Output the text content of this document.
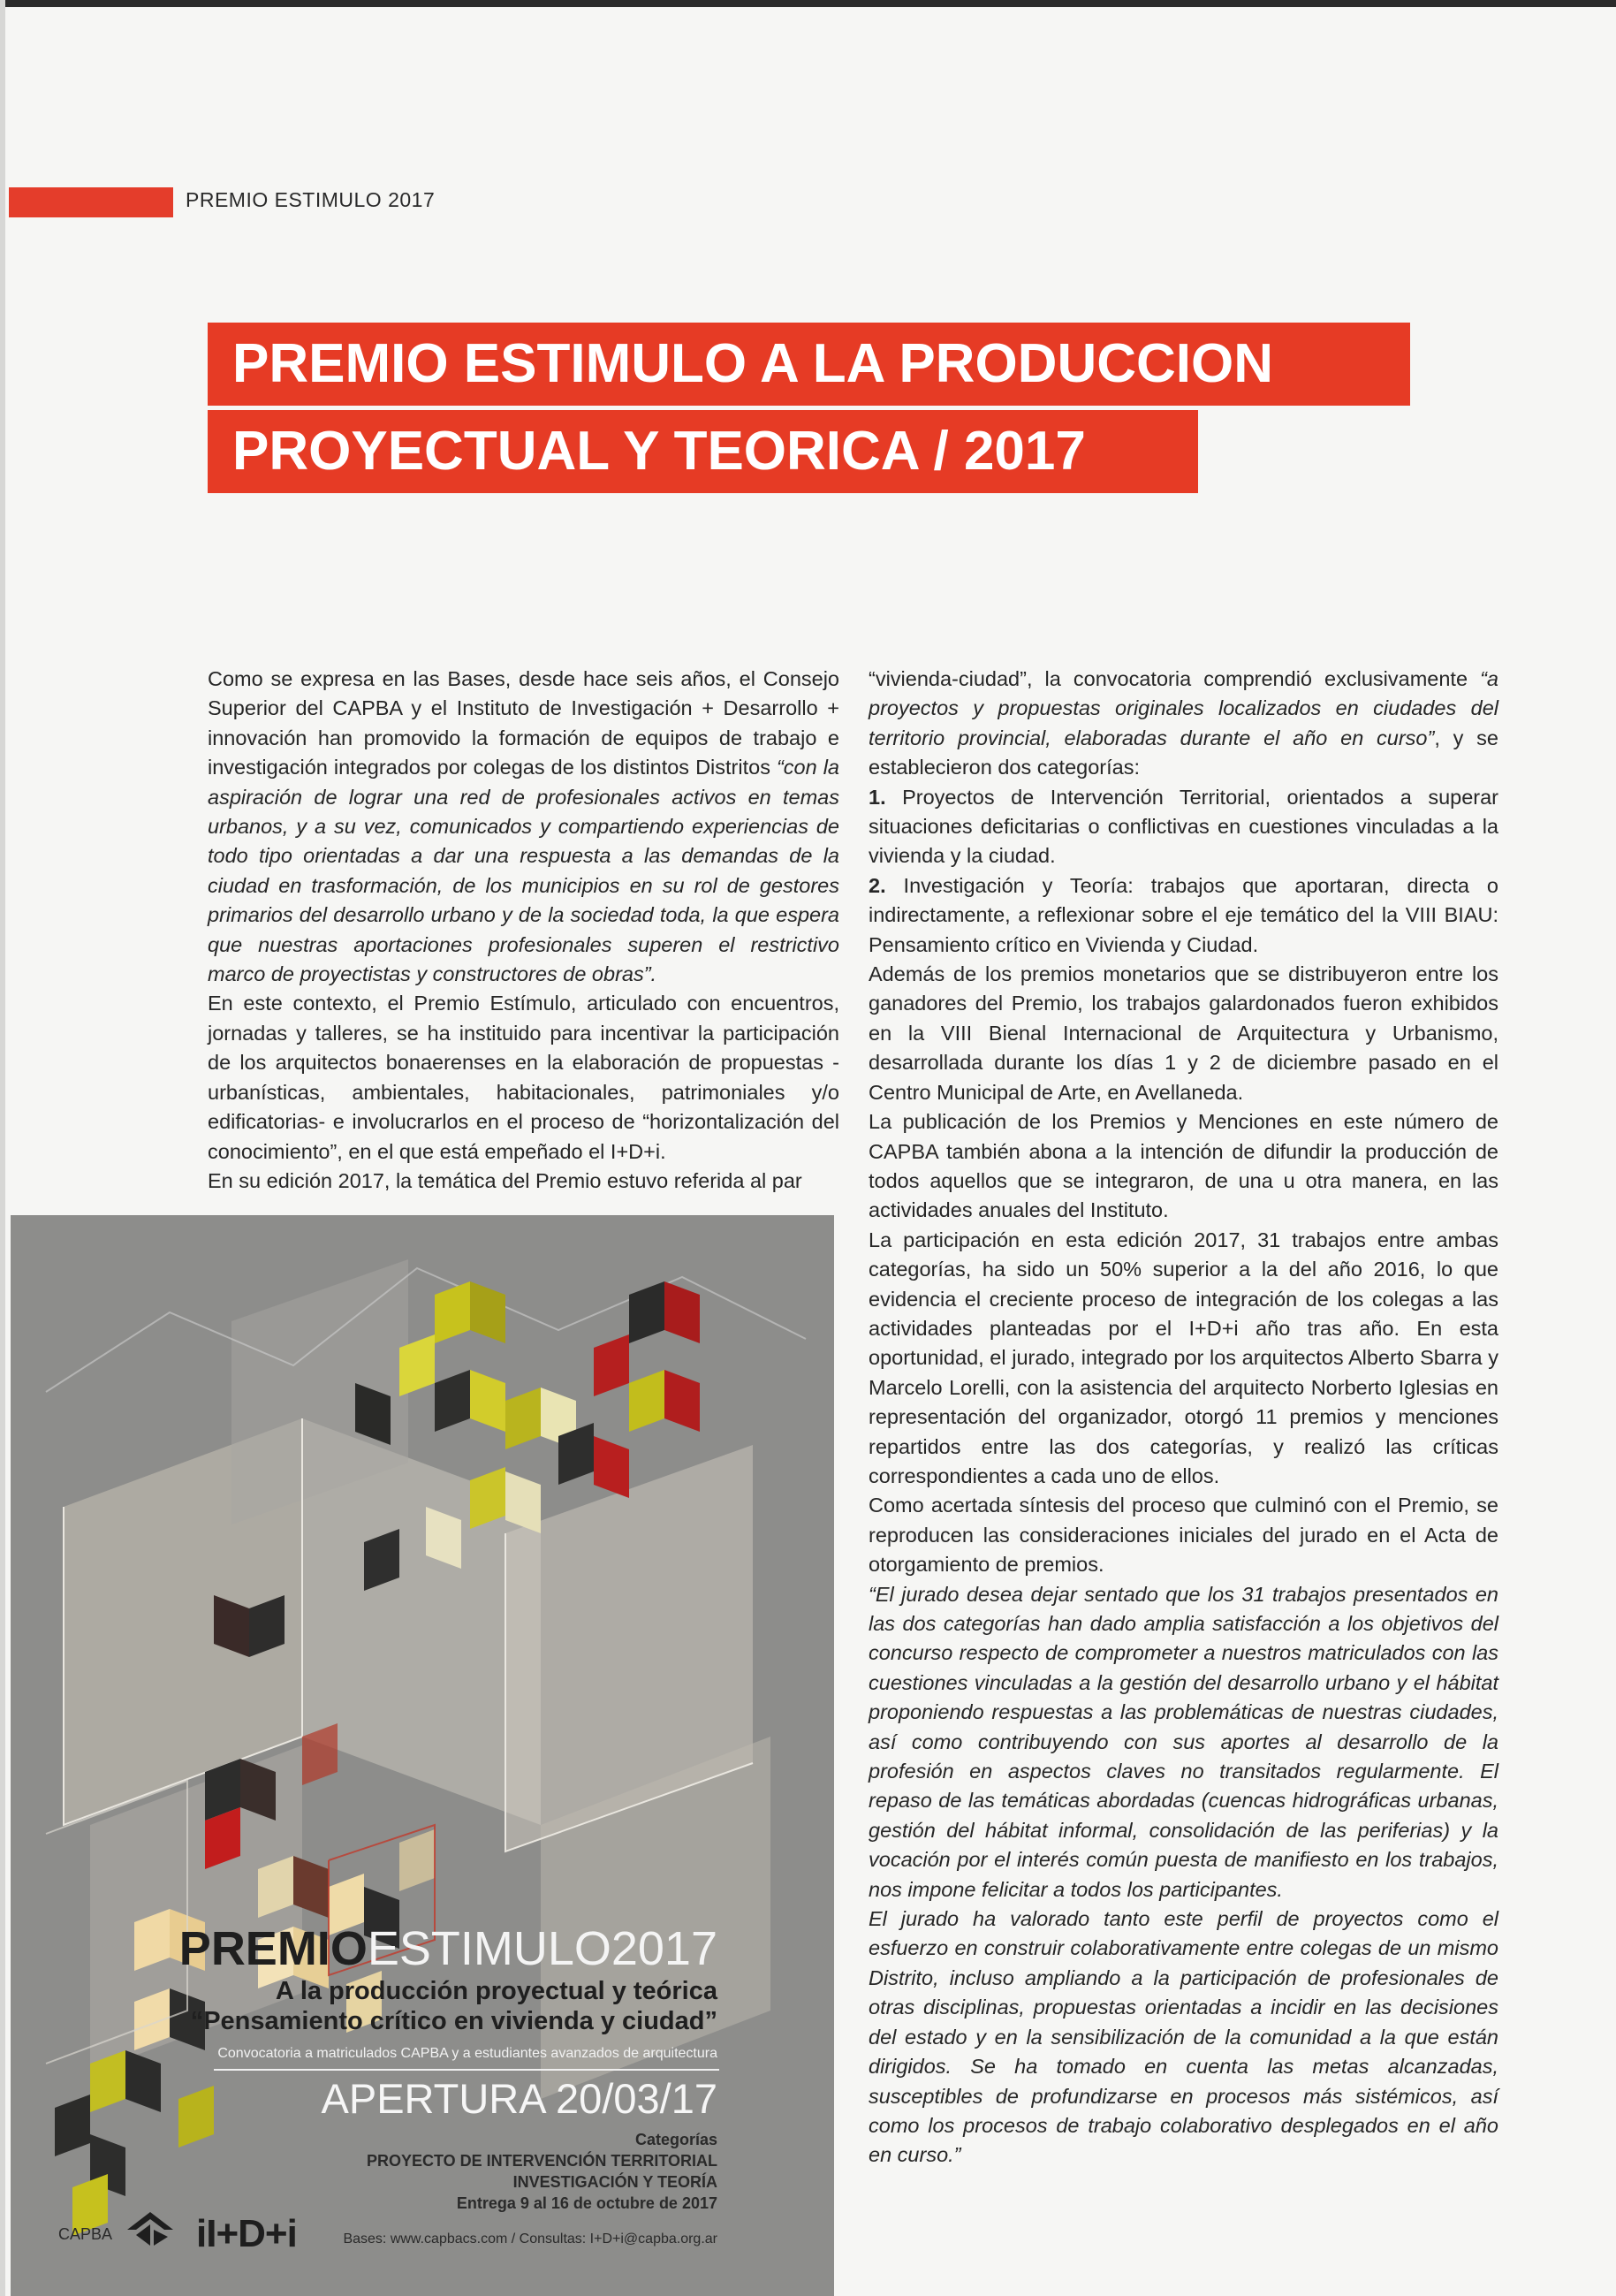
PREMIO ESTIMULO 2017
PREMIO ESTIMULO A LA PRODUCCION
PROYECTUAL Y TEORICA / 2017

Como se expresa en las Bases, desde hace seis años, el Consejo Superior del CAPBA y el Instituto de Investigación + Desarrollo + innovación han promovido la formación de equipos de trabajo e investigación integrados por colegas de los distintos Distritos “con la aspiración de lograr una red de profesionales activos en temas urbanos, y a su vez, comunicados y compartiendo experiencias de todo tipo orientadas a dar una respuesta a las demandas de la ciudad en trasformación, de los municipios en su rol de gestores primarios del desarrollo urbano y de la sociedad toda, la que espera que nuestras aportaciones profesionales superen el restrictivo marco de proyectistas y constructores de obras”.

En este contexto, el Premio Estímulo, articulado con encuentros, jornadas y talleres, se ha instituido para incentivar la participación de los arquitectos bonaerenses en la elaboración de propuestas -urbanísticas, ambientales, habitacionales, patrimoniales y/o edificatorias- e involucrarlos en el proceso de “horizontalización del conocimiento”, en el que está empeñado el I+D+i.

En su edición 2017, la temática del Premio estuvo referida al par

“vivienda-ciudad”, la convocatoria comprendió exclusivamente “a proyectos y propuestas originales localizados en ciudades del territorio provincial, elaboradas durante el año en curso”, y se establecieron dos categorías:

1. Proyectos de Intervención Territorial, orientados a superar situaciones deficitarias o conflictivas en cuestiones vinculadas a la vivienda y la ciudad.

2. Investigación y Teoría: trabajos que aportaran, directa o indirectamente, a reflexionar sobre el eje temático del la VIII BIAU: Pensamiento crítico en Vivienda y Ciudad.

Además de los premios monetarios que se distribuyeron entre los ganadores del Premio, los trabajos galardonados fueron exhibidos en la VIII Bienal Internacional de Arquitectura y Urbanismo, desarrollada durante los días 1 y 2 de diciembre pasado en el Centro Municipal de Arte, en Avellaneda.

La publicación de los Premios y Menciones en este número de CAPBA también abona a la intención de difundir la producción de todos aquellos que se integraron, de una u otra manera, en las actividades anuales del Instituto.

La participación en esta edición 2017, 31 trabajos entre ambas categorías, ha sido un 50% superior a la del año 2016, lo que evidencia el creciente proceso de integración de los colegas a las actividades planteadas por el I+D+i año tras año. En esta oportunidad, el jurado, integrado por los arquitectos Alberto Sbarra y Marcelo Lorelli, con la asistencia del arquitecto Norberto Iglesias en representación del organizador, otorgó 11 premios y menciones repartidos entre las dos categorías, y realizó las críticas correspondientes a cada uno de ellos.

Como acertada síntesis del proceso que culminó con el Premio, se reproducen las consideraciones iniciales del jurado en el Acta de otorgamiento de premios.

“El jurado desea dejar sentado que los 31 trabajos presentados en las dos categorías han dado amplia satisfacción a los objetivos del concurso respecto de comprometer a nuestros matriculados con las cuestiones vinculadas a la gestión del desarrollo urbano y el hábitat proponiendo respuestas a las problemáticas de nuestras ciudades, así como contribuyendo con sus aportes al desarrollo de la profesión en aspectos claves no transitados regularmente. El repaso de las temáticas abordadas (cuencas hidrográficas urbanas, gestión del hábitat informal, consolidación de las periferias) y la vocación por el interés común puesta de manifiesto en los trabajos, nos impone felicitar a todos los participantes.

El jurado ha valorado tanto este perfil de proyectos como el esfuerzo en construir colaborativamente entre colegas de un mismo Distrito, incluso ampliando a la participación de profesionales de otras disciplinas, propuestas orientadas a incidir en las decisiones del estado y en la sensibilización de la comunidad a la que están dirigidos. Se ha tomado en cuenta las metas alcanzadas, susceptibles de profundizarse en procesos más sistémicos, así como los procesos de trabajo colaborativo desplegados en el año en curso.”

PREMIOESTIMULO2017
A la producción proyectual y teórica
“Pensamiento crítico en vivienda y ciudad”
Convocatoria a matriculados CAPBA y a estudiantes avanzados de arquitectura
APERTURA 20/03/17
Categorías
PROYECTO DE INTERVENCIÓN TERRITORIAL
INVESTIGACIÓN Y TEORÍA
Entrega 9 al 16 de octubre de 2017
Bases: www.capbacs.com / Consultas: I+D+i@capba.org.ar
CAPBA iI+D+i
